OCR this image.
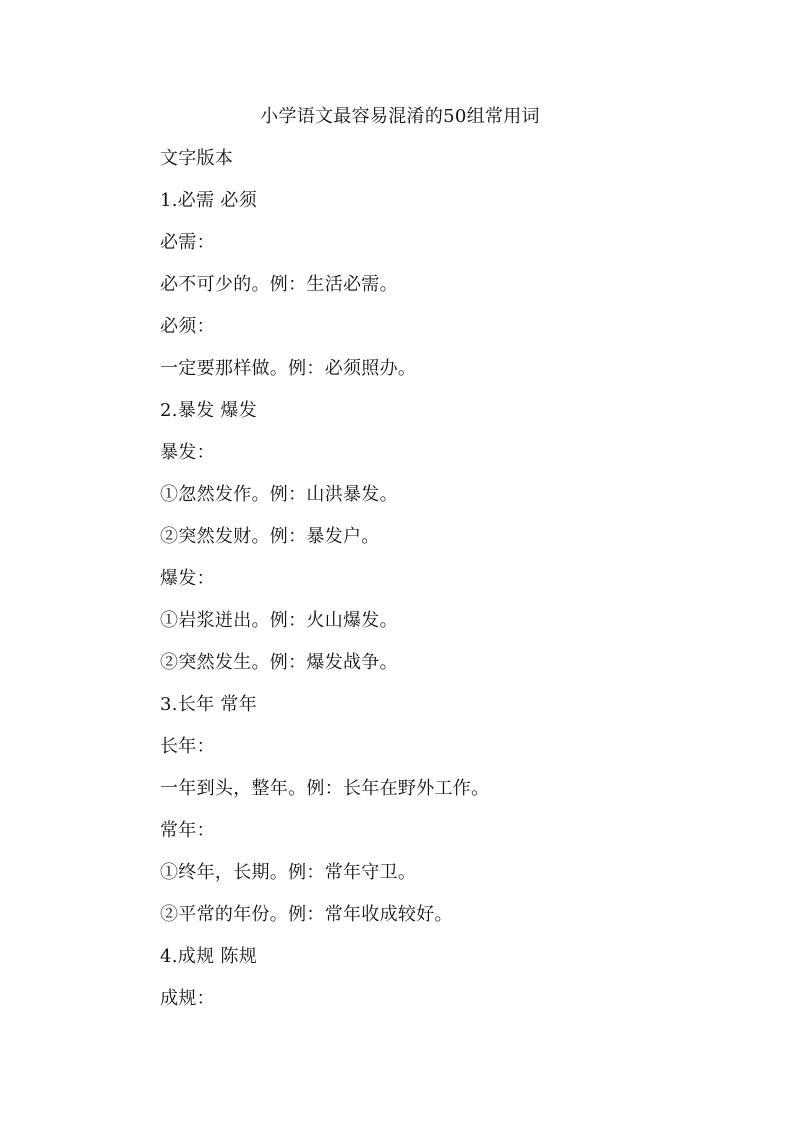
小学语文最容易混淆的50组常用词
文字版本
1.必需 必须
必需：
必不可少的。例：生活必需。
必须：
一定要那样做。例：必须照办。
2.暴发 爆发
暴发：
①忽然发作。例：山洪暴发。
②突然发财。例：暴发户。
爆发：
①岩浆迸出。例：火山爆发。
②突然发生。例：爆发战争。
3.长年 常年
长年：
一年到头，整年。例：长年在野外工作。
常年：
①终年，长期。例：常年守卫。
②平常的年份。例：常年收成较好。
4.成规 陈规
成规：
